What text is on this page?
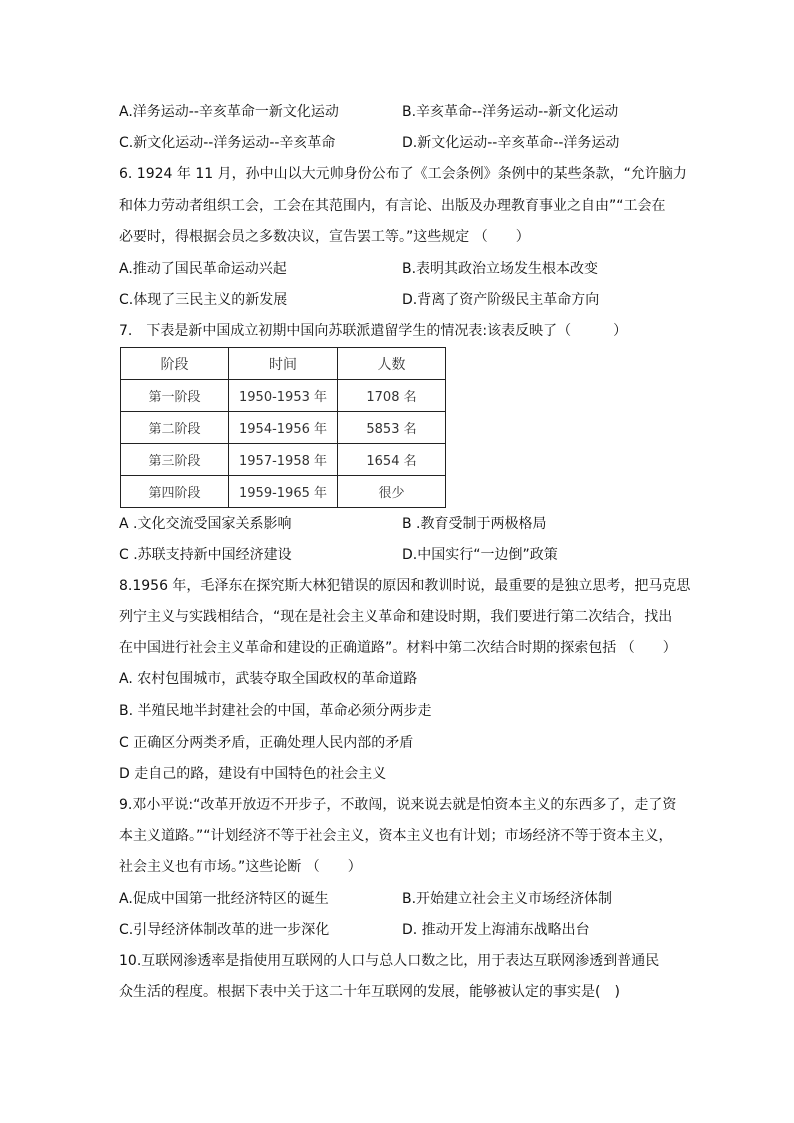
A.洋务运动--辛亥革命一新文化运动	B.辛亥革命--洋务运动--新文化运动
C.新文化运动--洋务运动--辛亥革命	D.新文化运动--辛亥革命--洋务运动
6. 1924 年 11 月，孙中山以大元帅身份公布了《工会条例》条例中的某些条款，“允许脑力
和体力劳动者组织工会，工会在其范围内，有言论、出版及办理教育事业之自由”“工会在
必要时，得根据会员之多数决议，宣告罢工等。”这些规定 （　　）
A.推动了国民革命运动兴起	B.表明其政治立场发生根本改变
C.体现了三民主义的新发展	D.背离了资产阶级民主革命方向
7.　下表是新中国成立初期中国向苏联派遣留学生的情况表:该表反映了（　　　）
阶段	时间	人数
第一阶段	1950-1953 年	1708 名
第二阶段	1954-1956 年	5853 名
第三阶段	1957-1958 年	1654 名
第四阶段	1959-1965 年	很少
A .文化交流受国家关系影响	B .教育受制于两极格局
C .苏联支持新中国经济建设	D.中国实行“一边倒”政策
8.1956 年，毛泽东在探究斯大林犯错误的原因和教训时说，最重要的是独立思考，把马克思
列宁主义与实践相结合，“现在是社会主义革命和建设时期，我们要进行第二次结合，找出
在中国进行社会主义革命和建设的正确道路”。材料中第二次结合时期的探索包括 （　　）
A. 农村包围城市，武装夺取全国政权的革命道路
B. 半殖民地半封建社会的中国，革命必须分两步走
C 正确区分两类矛盾，正确处理人民内部的矛盾
D 走自己的路，建设有中国特色的社会主义
9.邓小平说:“改革开放迈不开步子，不敢闯，说来说去就是怕资本主义的东西多了，走了资
本主义道路。”“计划经济不等于社会主义，资本主义也有计划；市场经济不等于资本主义，
社会主义也有市场。”这些论断 （　　）
A.促成中国第一批经济特区的诞生	B.开始建立社会主义市场经济体制
C.引导经济体制改革的进一步深化	D. 推动开发上海浦东战略出台
10.互联网渗透率是指使用互联网的人口与总人口数之比，用于表达互联网渗透到普通民
众生活的程度。根据下表中关于这二十年互联网的发展，能够被认定的事实是(　)
